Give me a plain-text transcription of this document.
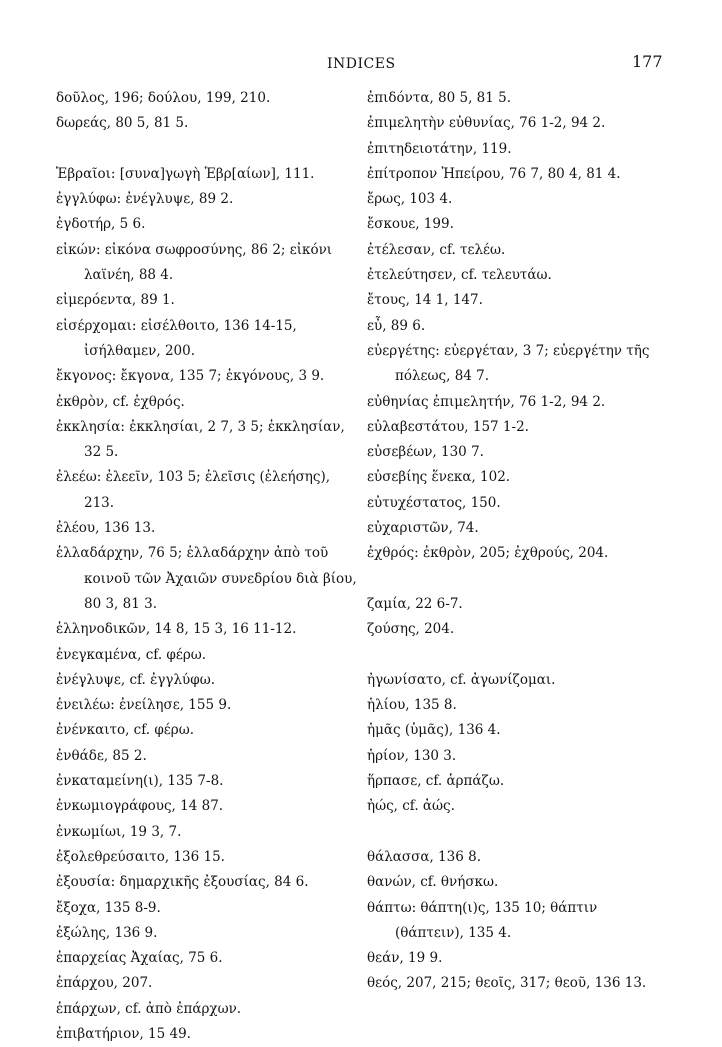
INDICES	177
δοῦλος, 196; δούλου, 199, 210.
δωρεάς, 80 5, 81 5.
Ἑβραῖοι: [συνα]γωγὴ Ἑβρ[αίων], 111.
ἐγγλύφω: ἐνέγλυψε, 89 2.
ἐγδοτήρ, 5 6.
εἰκών: εἰκόνα σωφροσύνης, 86 2; εἰκόνι λαϊνέη, 88 4.
εἰμερόεντα, 89 1.
εἰσέρχομαι: εἰσέλθοιτο, 136 14-15, ἰσήλθαμεν, 200.
ἔκγονος: ἔκγονα, 135 7; ἐκγόνους, 3 9.
ἐκθρὸν, cf. ἐχθρός.
ἐκκλησία: ἐκκλησίαι, 2 7, 3 5; ἐκκλησίαν, 32 5.
ἐλεέω: ἐλεεῖν, 103 5; ἐλεῖσις (ἐλεήσης), 213.
ἐλέου, 136 13.
ἑλλαδάρχην, 76 5; ἑλλαδάρχην ἀπὸ τοῦ κοινοῦ τῶν Ἀχαιῶν συνεδρίου διὰ βίου, 80 3, 81 3.
ἑλληνοδικῶν, 14 8, 15 3, 16 11-12.
ἐνεγκαμένα, cf. φέρω.
ἐνέγλυψε, cf. ἐγγλύφω.
ἐνειλέω: ἐνείλησε, 155 9.
ἐνένκαιτο, cf. φέρω.
ἐνθάδε, 85 2.
ἐνκαταμείνη(ι), 135 7-8.
ἐνκωμιογράφους, 14 87.
ἐνκωμίωι, 19 3, 7.
ἐξολεθρεύσαιτο, 136 15.
ἐξουσία: δημαρχικῆς ἐξουσίας, 84 6.
ἔξοχα, 135 8-9.
ἐξώλης, 136 9.
ἐπαρχείας Ἀχαίας, 75 6.
ἐπάρχου, 207.
ἐπάρχων, cf. ἀπὸ ἐπάρχων.
ἐπιβατήριον, 15 49.
ἐπιδόντα, 80 5, 81 5.
ἐπιμελητὴν εὐθυνίας, 76 1-2, 94 2.
ἐπιτηδειοτάτην, 119.
ἐπίτροπον Ἠπείρου, 76 7, 80 4, 81 4.
ἔρως, 103 4.
ἔσκουε, 199.
ἐτέλεσαν, cf. τελέω.
ἐτελεύτησεν, cf. τελευτάω.
ἔτους, 14 1, 147.
εὖ, 89 6.
εὐεργέτης: εὐεργέταν, 3 7; εὐεργέτην τῆς πόλεως, 84 7.
εὐθηνίας ἐπιμελητήν, 76 1-2, 94 2.
εὐλαβεστάτου, 157 1-2.
εὐσεβέων, 130 7.
εὐσεβίης ἕνεκα, 102.
εὐτυχέστατος, 150.
εὐχαριστῶν, 74.
ἐχθρός: ἐκθρὸν, 205; ἐχθρούς, 204.
ζαμία, 22 6-7.
ζούσης, 204.
ἠγωνίσατο, cf. ἀγωνίζομαι.
ἡλίου, 135 8.
ἡμᾶς (ὑμᾶς), 136 4.
ἡρίον, 130 3.
ἥρπασε, cf. ἁρπάζω.
ἠώς, cf. ἀώς.
θάλασσα, 136 8.
θανών, cf. θνήσκω.
θάπτω: θάπτη(ι)ς, 135 10; θάπτιν (θάπτειν), 135 4.
θεάν, 19 9.
θεός, 207, 215; θεοῖς, 317; θεοῦ, 136 13.
